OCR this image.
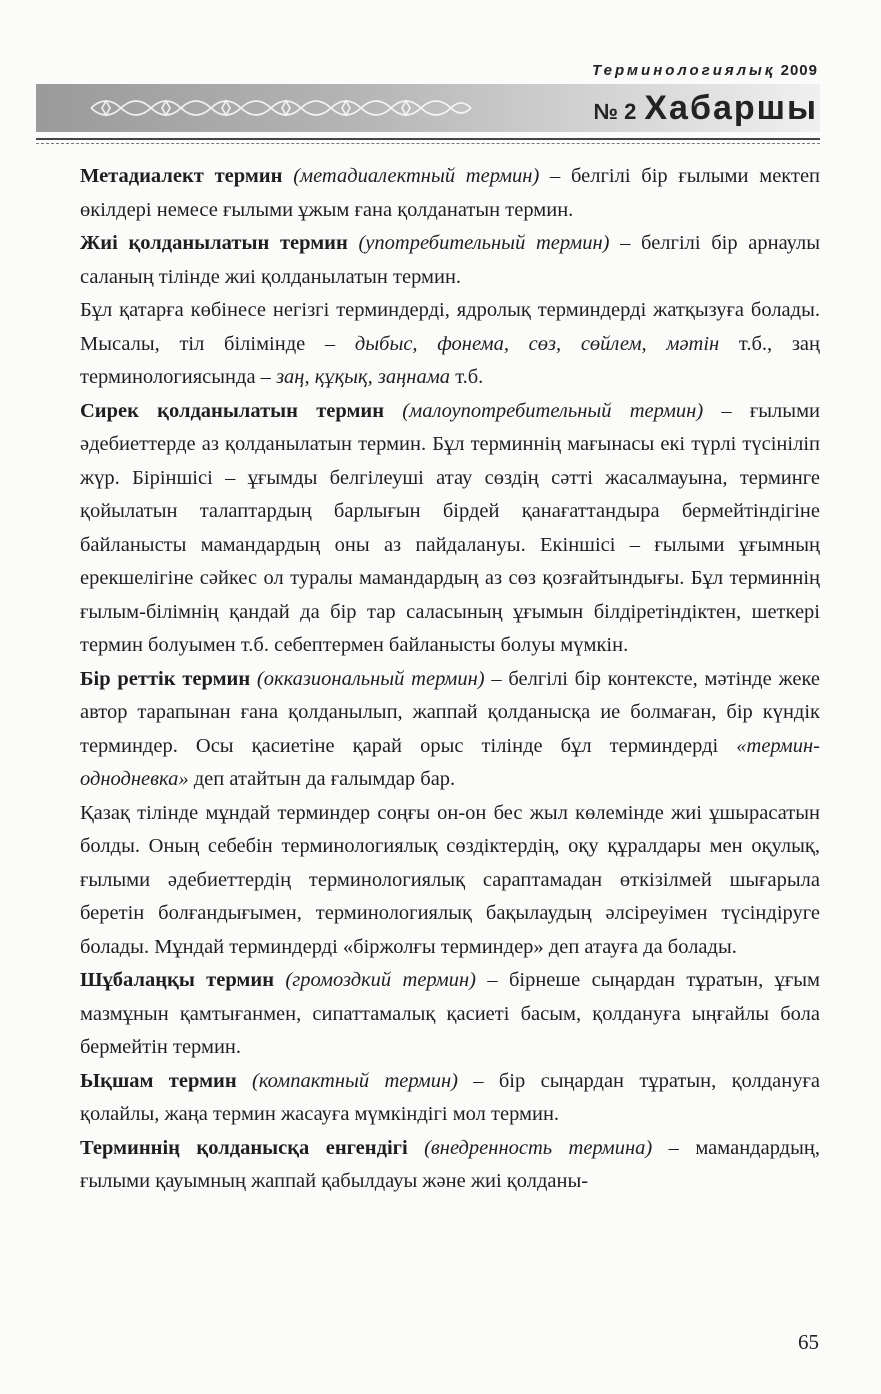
Терминологиялық 2009
№ 2 Хабаршы

Метадиалект термин (метадиалектный термин) – белгілі бір ғылыми мектеп өкілдері немесе ғылыми ұжым ғана қолданатын термин.

Жиі қолданылатын термин (употребительный термин) – белгілі бір арнаулы саланың тілінде жиі қолданылатын термин.

Бұл қатарға көбінесе негізгі терминдерді, ядролық терминдерді жатқызуға болады. Мысалы, тіл білімінде – дыбыс, фонема, сөз, сөйлем, мәтін т.б., заң терминологиясында – заң, құқық, заңнама т.б.

Сирек қолданылатын термин (малоупотребительный термин) – ғылыми әдебиеттерде аз қолданылатын термин. Бұл терминнің мағынасы екі түрлі түсініліп жүр. Біріншісі – ұғымды белгілеуші атау сөздің сәтті жасалмауына, терминге қойылатын талаптардың барлығын бірдей қанағаттандыра бермейтіндігіне байланысты мамандардың оны аз пайдалануы. Екіншісі – ғылыми ұғымның ерекшелігіне сәйкес ол туралы мамандардың аз сөз қозғайтындығы. Бұл терминнің ғылым-білімнің қандай да бір тар саласының ұғымын білдіретіндіктен, шеткері термин болуымен т.б. себептермен байланысты болуы мүмкін.

Бір реттік термин (окказиональный термин) – белгілі бір контексте, мәтінде жеке автор тарапынан ғана қолданылып, жаппай қолданысқа ие болмаған, бір күндік терминдер. Осы қасиетіне қарай орыс тілінде бұл терминдерді «термин-однодневка» деп атайтын да ғалымдар бар.

Қазақ тілінде мұндай терминдер соңғы он-он бес жыл көлемінде жиі ұшырасатын болды. Оның себебін терминологиялық сөздіктердің, оқу құралдары мен оқулық, ғылыми әдебиеттердің терминологиялық сараптамадан өткізілмей шығарыла беретін болғандығымен, терминологиялық бақылаудың әлсіреуімен түсіндіруге болады. Мұндай терминдерді «біржолғы терминдер» деп атауға да болады.

Шұбалаңқы термин (громоздкий термин) – бірнеше сыңардан тұратын, ұғым мазмұнын қамтығанмен, сипаттамалық қасиеті басым, қолдануға ыңғайлы бола бермейтін термин.

Ықшам термин (компактный термин) – бір сыңардан тұратын, қолдануға қолайлы, жаңа термин жасауға мүмкіндігі мол термин.

Терминнің қолданысқа енгендігі (внедренность термина) – мамандардың, ғылыми қауымның жаппай қабылдауы және жиі қолданы-

65
